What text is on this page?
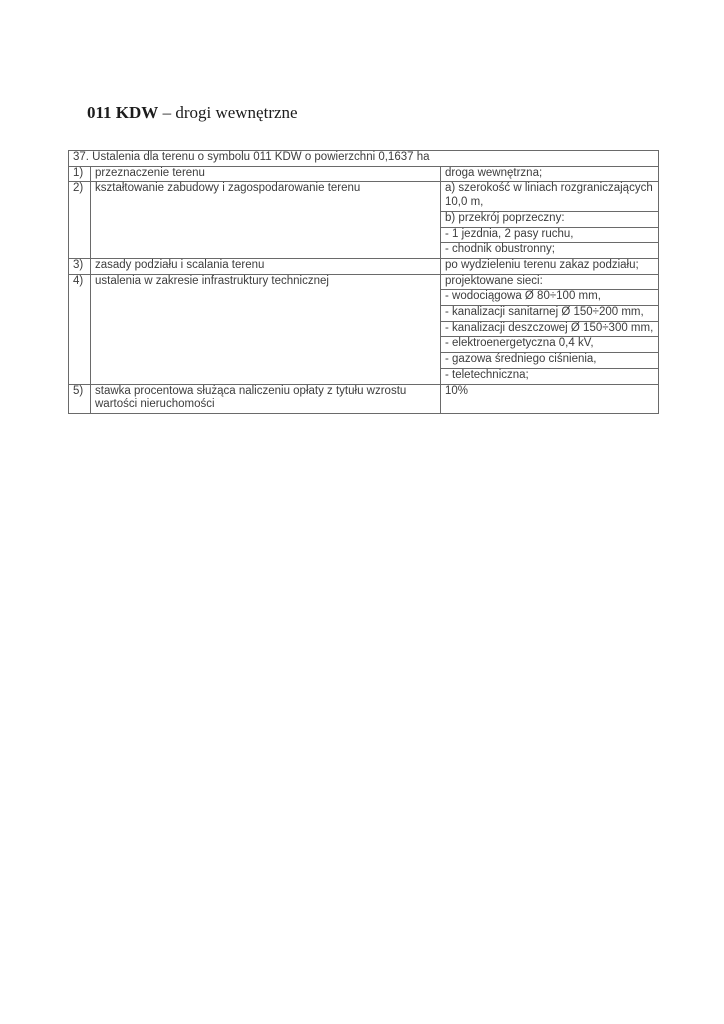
011 KDW – drogi wewnętrzne
37. Ustalenia dla terenu o symbolu 011 KDW o powierzchni 0,1637 ha		
1)	przeznaczenie terenu	droga wewnętrzna;
2)	kształtowanie zabudowy i zagospodarowanie terenu	a) szerokość w liniach rozgraniczających 10,0 m,
		b) przekrój poprzeczny:
		- 1 jezdnia, 2 pasy ruchu,
		- chodnik obustronny;
3)	zasady podziału i scalania terenu	po wydzieleniu terenu zakaz podziału;
4)	ustalenia w zakresie infrastruktury technicznej	projektowane sieci:
		- wodociągowa Ø 80÷100 mm,
		- kanalizacji sanitarnej Ø 150÷200 mm,
		- kanalizacji deszczowej Ø 150÷300 mm,
		- elektroenergetyczna 0,4 kV,
		- gazowa średniego ciśnienia,
		- teletechniczna;
5)	stawka procentowa służąca naliczeniu opłaty z tytułu wzrostu wartości nieruchomości	10%
